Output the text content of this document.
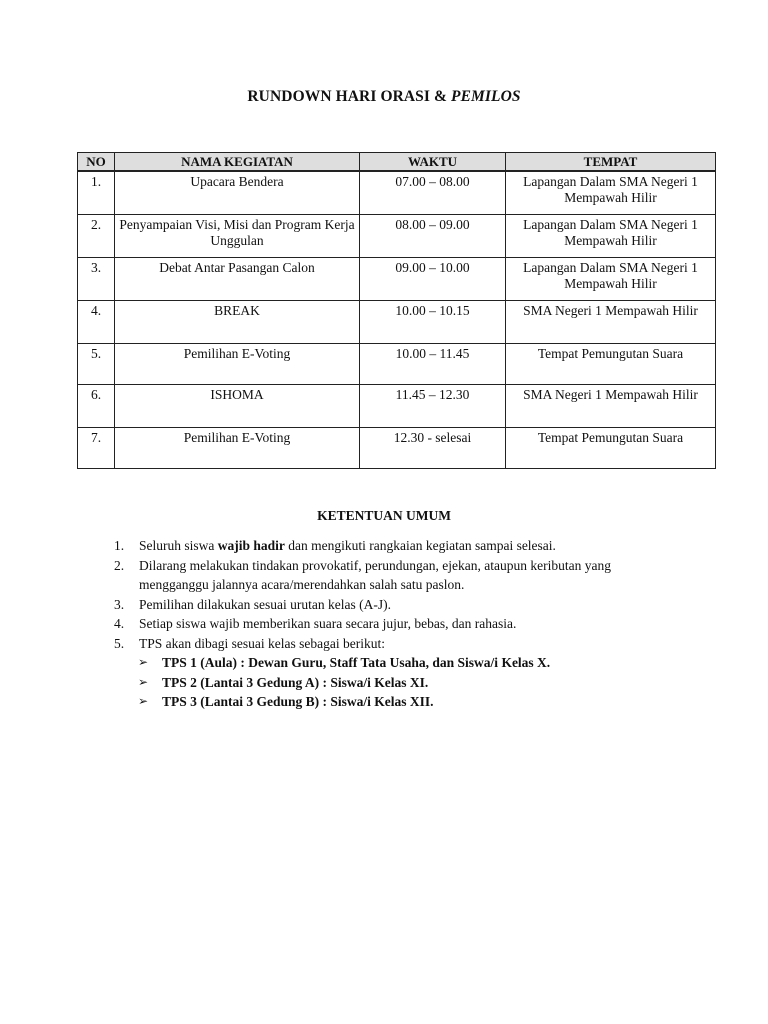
RUNDOWN HARI ORASI & PEMILOS
NO	NAMA KEGIATAN	WAKTU	TEMPAT
1.	Upacara Bendera	07.00 – 08.00	Lapangan Dalam SMA Negeri 1 Mempawah Hilir
2.	Penyampaian Visi, Misi dan Program Kerja Unggulan	08.00 – 09.00	Lapangan Dalam SMA Negeri 1 Mempawah Hilir
3.	Debat Antar Pasangan Calon	09.00 – 10.00	Lapangan Dalam SMA Negeri 1 Mempawah Hilir
4.	BREAK	10.00 – 10.15	SMA Negeri 1 Mempawah Hilir
5.	Pemilihan E-Voting	10.00 – 11.45	Tempat Pemungutan Suara
6.	ISHOMA	11.45 – 12.30	SMA Negeri 1 Mempawah Hilir
7.	Pemilihan E-Voting	12.30 - selesai	Tempat Pemungutan Suara
KETENTUAN UMUM
1. Seluruh siswa wajib hadir dan mengikuti rangkaian kegiatan sampai selesai.
2. Dilarang melakukan tindakan provokatif, perundungan, ejekan, ataupun keributan yang mengganggu jalannya acara/merendahkan salah satu paslon.
3. Pemilihan dilakukan sesuai urutan kelas (A-J).
4. Setiap siswa wajib memberikan suara secara jujur, bebas, dan rahasia.
5. TPS akan dibagi sesuai kelas sebagai berikut:
➢ TPS 1 (Aula) : Dewan Guru, Staff Tata Usaha, dan Siswa/i Kelas X.
➢ TPS 2 (Lantai 3 Gedung A) : Siswa/i Kelas XI.
➢ TPS 3 (Lantai 3 Gedung B) : Siswa/i Kelas XII.
